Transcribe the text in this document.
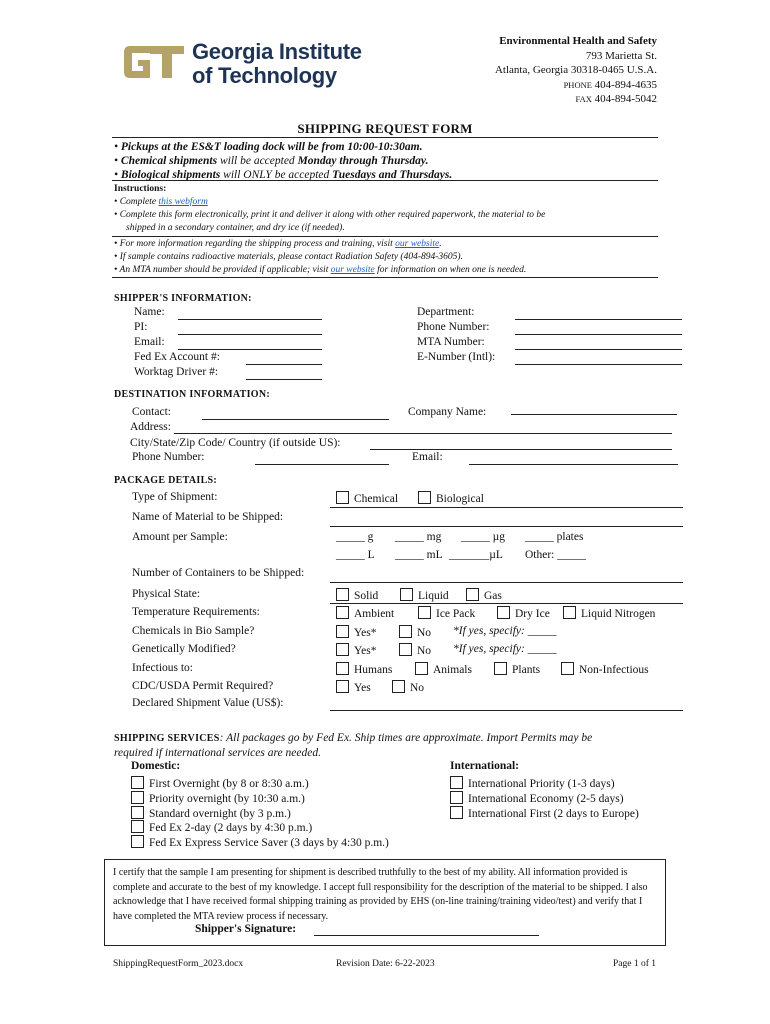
Georgia Institute
of Technology
Environmental Health and Safety
793 Marietta St.
Atlanta, Georgia 30318-0465 U.S.A.
PHONE 404-894-4635
FAX 404-894-5042
SHIPPING REQUEST FORM
• Pickups at the ES&T loading dock will be from 10:00-10:30am.
• Chemical shipments will be accepted Monday through Thursday.
• Biological shipments will ONLY be accepted Tuesdays and Thursdays.
Instructions:
• Complete this webform
• Complete this form electronically, print it and deliver it along with other required paperwork, the material to be
shipped in a secondary container, and dry ice (if needed).
• For more information regarding the shipping process and training, visit our website.
• If sample contains radioactive materials, please contact Radiation Safety (404-894-3605).
• An MTA number should be provided if applicable; visit our website for information on when one is needed.
SHIPPER'S INFORMATION:
Name:
PI:
Email:
Fed Ex Account #:
Worktag Driver #:
Department:
Phone Number:
MTA Number:
E-Number (Intl):
DESTINATION INFORMATION:
Contact:	Company Name:
Address:
City/State/Zip Code/ Country (if outside US):
Phone Number:	Email:
PACKAGE DETAILS:
Type of Shipment:	Chemical	Biological
Name of Material to be Shipped:
Amount per Sample:	_____ g _____ mg _____ µg _____ plates
_____ L _____ mL _______µL Other: _____
Number of Containers to be Shipped:
Physical State:	Solid	Liquid	Gas
Temperature Requirements:	Ambient	Ice Pack	Dry Ice	Liquid Nitrogen
Chemicals in Bio Sample?	Yes*	No *If yes, specify: _____
Genetically Modified?	Yes*	No *If yes, specify: _____
Infectious to:	Humans	Animals	Plants	Non-Infectious
CDC/USDA Permit Required?	Yes	No
Declared Shipment Value (US$):
SHIPPING SERVICES: All packages go by Fed Ex. Ship times are approximate. Import Permits may be
required if international services are needed.
Domestic:
First Overnight (by 8 or 8:30 a.m.)
Priority overnight (by 10:30 a.m.)
Standard overnight (by 3 p.m.)
Fed Ex 2-day (2 days by 4:30 p.m.)
Fed Ex Express Service Saver (3 days by 4:30 p.m.)
International:
International Priority (1-3 days)
International Economy (2-5 days)
International First (2 days to Europe)
I certify that the sample I am presenting for shipment is described truthfully to the best of my ability. All information provided is complete and accurate to the best of my knowledge. I accept full responsibility for the description of the material to be shipped. I also acknowledge that I have received formal shipping training as provided by EHS (on-line training/training video/test) and verify that I have completed the MTA review process if necessary.
Shipper's Signature:
ShippingRequestForm_2023.docx	Revision Date: 6-22-2023	Page 1 of 1
